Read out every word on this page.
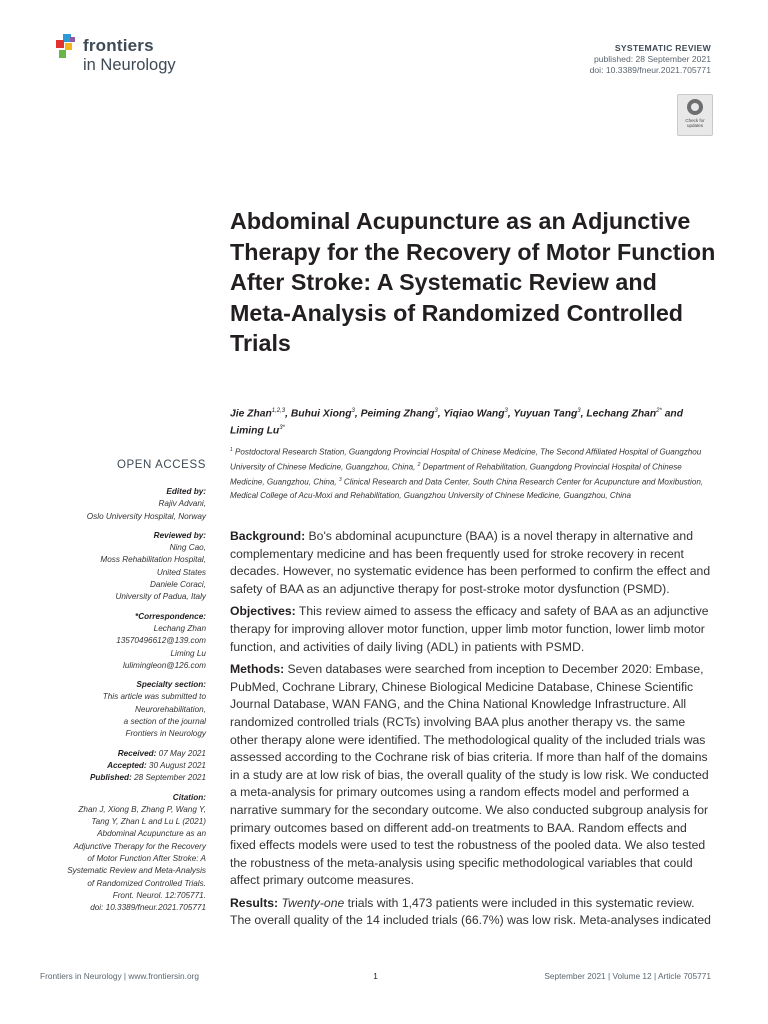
frontiers
in Neurology
SYSTEMATIC REVIEW
published: 28 September 2021
doi: 10.3389/fneur.2021.705771
Check for updates
Abdominal Acupuncture as an Adjunctive Therapy for the Recovery of Motor Function After Stroke: A Systematic Review and Meta-Analysis of Randomized Controlled Trials
Jie Zhan$^{1,2,3}$, Buhui Xiong$^3$, Peiming Zhang$^3$, Yiqiao Wang$^3$, Yuyuan Tang$^3$, Lechang Zhan$^{2*}$ and Liming $Lu^{3*}$
$^1$ Postdoctoral Research Station, Guangdong Provincial Hospital of Chinese Medicine, The Second Affiliated Hospital of Guangzhou University of Chinese Medicine, Guangzhou, China, $^2$ Department of Rehabilitation, Guangdong Provincial Hospital of Chinese Medicine, Guangzhou, China, $^3$ Clinical Research and Data Center, South China Research Center for Acupuncture and Moxibustion, Medical College of Acu-Moxi and Rehabilitation, Guangzhou University of Chinese Medicine, Guangzhou, China
OPEN ACCESS
Edited by:
Rajiv Advani,
Oslo University Hospital, Norway
Reviewed by:
Ning Cao,
Moss Rehabilitation Hospital,
United States
Daniele Coraci,
University of Padua, Italy
*Correspondence:
Lechang Zhan
13570496612@139.com
Liming Lu
lulimingleon@126.com
Specialty section:
This article was submitted to
Neurorehabilitation,
a section of the journal
Frontiers in Neurology
Received: 07 May 2021
Accepted: 30 August 2021
Published: 28 September 2021
Citation:
Zhan J, Xiong B, Zhang P, Wang Y,
Tang Y, Zhan L and Lu L (2021)
Abdominal Acupuncture as an
Adjunctive Therapy for the Recovery
of Motor Function After Stroke: A
Systematic Review and Meta-Analysis
of Randomized Controlled Trials.
Front. Neurol. 12:705771.
doi: 10.3389/fneur.2021.705771

Background: Bo's abdominal acupuncture (BAA) is a novel therapy in alternative and complementary medicine and has been frequently used for stroke recovery in recent decades. However, no systematic evidence has been performed to confirm the effect and safety of BAA as an adjunctive therapy for post-stroke motor dysfunction (PSMD).

Objectives: This review aimed to assess the efficacy and safety of BAA as an adjunctive therapy for improving allover motor function, upper limb motor function, lower limb motor function, and activities of daily living (ADL) in patients with PSMD.

Methods: Seven databases were searched from inception to December 2020: Embase, PubMed, Cochrane Library, Chinese Biological Medicine Database, Chinese Scientific Journal Database, WAN FANG, and the China National Knowledge Infrastructure. All randomized controlled trials (RCTs) involving BAA plus another therapy vs. the same other therapy alone were identified. The methodological quality of the included trials was assessed according to the Cochrane risk of bias criteria. If more than half of the domains in a study are at low risk of bias, the overall quality of the study is low risk. We conducted a meta-analysis for primary outcomes using a random effects model and performed a narrative summary for the secondary outcome. We also conducted subgroup analysis for primary outcomes based on different add-on treatments to BAA. Random effects and fixed effects models were used to test the robustness of the pooled data. We also tested the robustness of the meta-analysis using specific methodological variables that could affect primary outcome measures.

Results: Twenty-one trials with 1,473 patients were included in this systematic review. The overall quality of the 14 included trials (66.7%) was low risk. Meta-analyses indicated

Frontiers in Neurology | www.frontiersin.org	1	September 2021 | Volume 12 | Article 705771
